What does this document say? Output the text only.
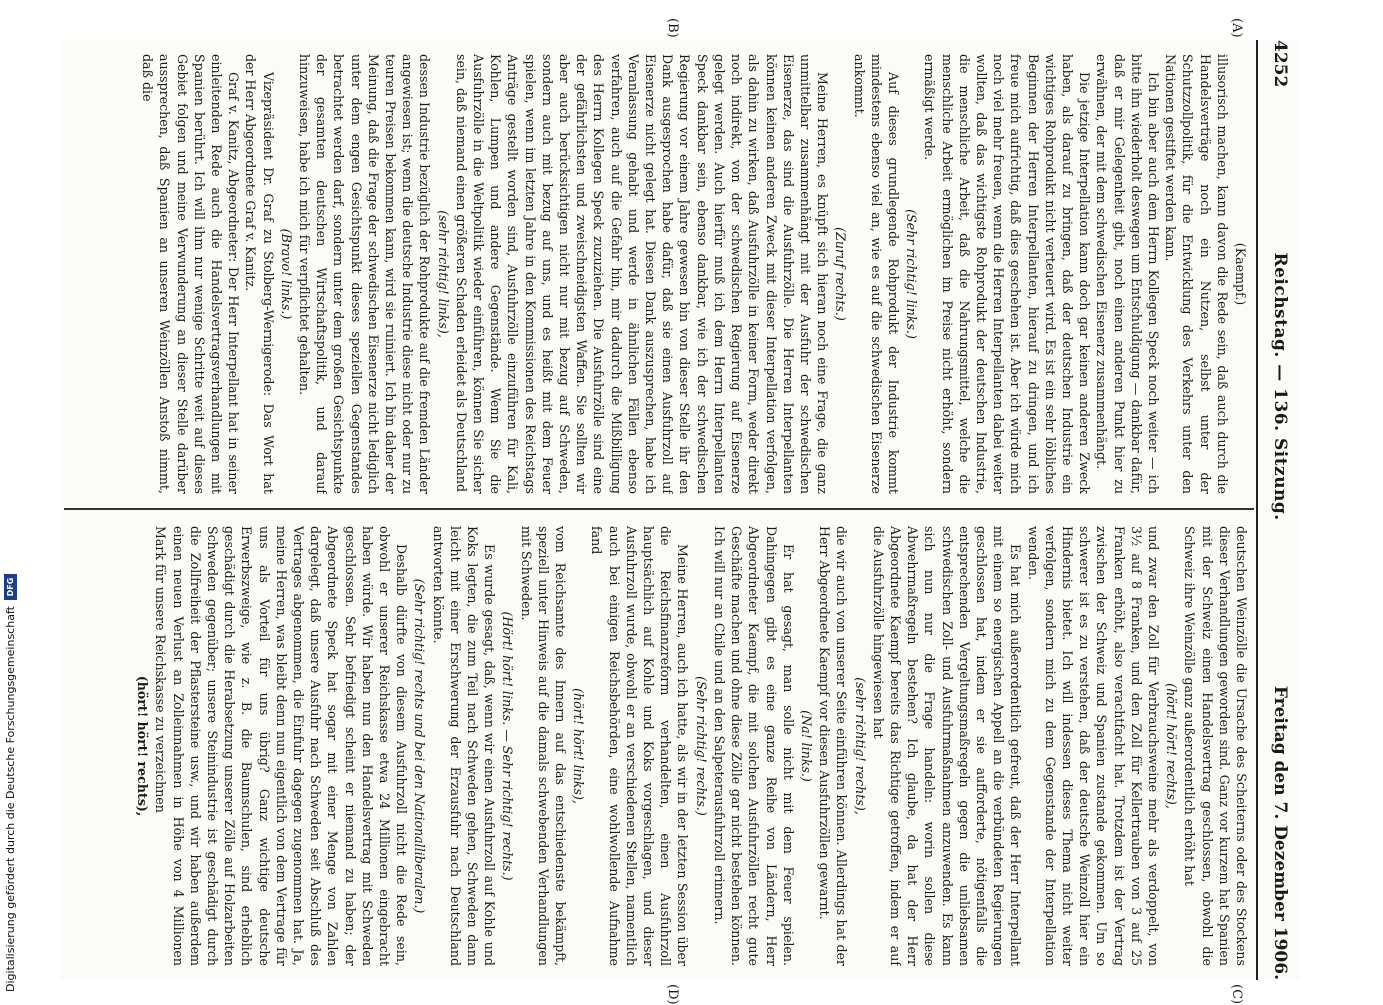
4252
Reichstag. — 136. Sitzung.
Freitag den 7. Dezember 1906.
(A)
(B)
(C)
(D)
(Kaempf.)

illusorisch machen, kann davon die Rede sein, daß auch durch die Handelsverträge noch ein Nutzen, selbst unter der Schutzzollpolitik, für die Entwicklung des Verkehrs unter den Nationen gestiftet werden kann.

Ich bin aber auch dem Herrn Kollegen Speck noch weiter — ich bitte ihn wiederholt deswegen um Entschuldigung — dankbar dafür, daß er mir Gelegenheit gibt, noch einen anderen Punkt hier zu erwähnen, der mit dem schwedischen Eisenerz zusammenhängt.

Die jetzige Interpellation kann doch gar keinen anderen Zweck haben, als darauf zu bringen, daß der deutschen Industrie ein wichtiges Rohprodukt nicht verteuert wird. Es ist ein sehr löbliches Beginnen der Herren Interpellanten, hierauf zu dringen, und ich freue mich aufrichtig, daß dies geschehen ist. Aber ich würde mich noch viel mehr freuen, wenn die Herren Interpellanten dabei weiter wollten, daß das wichtigste Rohprodukt der deutschen Industrie, die menschliche Arbeit, daß die Nahrungsmittel, welche die menschliche Arbeit ermöglichen im Preise nicht erhöht, sondern ermäßigt werde.

(Sehr richtig! links.)

Auf dieses grundlegende Rohprodukt der Industrie kommt mindestens ebenso viel an, wie es auf die schwedischen Eisenerze ankommt.

(Zuruf rechts.)

Meine Herren, es knüpft sich hieran noch eine Frage, die ganz unmittelbar zusammenhängt mit der Ausfuhr der schwedischen Eisenerze, das sind die Ausfuhrzölle. Die Herren Interpellanten können keinen anderen Zweck mit dieser Interpellation verfolgen, als dahin zu wirken, daß Ausfuhrzölle in keiner Form, weder direkt noch indirekt, von der schwedischen Regierung auf Eisenerze gelegt werden. Auch hierfür muß ich dem Herrn Interpellanten Speck dankbar sein, ebenso dankbar, wie ich der schwedischen Regierung vor einem Jahre gewesen bin von dieser Stelle ihr den Dank ausgesprochen habe dafür, daß sie einen Ausfuhrzoll auf Eisenerze nicht gelegt hat. Diesen Dank auszusprechen, habe ich Veranlassung gehabt und werde in ähnlichen Fällen ebenso verfahren, auch auf die Gefahr hin, mir dadurch die Mißbilligung des Herrn Kollegen Speck zuzuziehen. Die Ausfuhrzölle sind eine der gefährlichsten und zweischneidigsten Waffen. Sie sollten wir aber auch berücksichtigen nicht nur mit bezug auf Schweden, sondern auch mit bezug auf uns, und es heißt mit dem Feuer spielen, wenn im letzten Jahre in den Kommissionen des Reichstags Anträge gestellt worden sind, Ausfuhrzölle einzuführen für Kali, Kohlen, Lumpen und andere Gegenstände. Wenn Sie die Ausfuhrzölle in die Weltpolitik wieder einführen, können Sie sicher sein, daß niemand einen größeren Schaden erleidet als Deutschland

(sehr richtig! links),

dessen Industrie bezüglich der Rohprodukte auf die fremden Länder angewiesen ist; wenn die deutsche Industrie diese nicht oder nur zu teuren Preisen bekommen kann, wird sie ruiniert. Ich bin daher der Meinung, daß die Frage der schwedischen Eisenerze nicht lediglich unter dem engen Gesichtspunkt dieses speziellen Gegenstandes betrachtet werden darf, sondern unter dem großen Gesichtspunkte der gesamten deutschen Wirtschaftspolitik, und darauf hinzuweisen, habe ich mich für verpflichtet gehalten.

(Bravo! links.)

Vizepräsident Dr. Graf zu Stolberg-Wernigerode: Das Wort hat der Herr Abgeordnete Graf v. Kanitz.

Graf v. Kanitz, Abgeordneter: Der Herr Interpellant hat in seiner einleitenden Rede auch die Handelsvertragsverhandlungen mit Spanien berührt. Ich will ihm nur wenige Schritte weit auf dieses Gebiet folgen und meine Verwunderung an dieser Stelle darüber aussprechen, daß Spanien an unseren Weinzöllen Anstoß nimmt, daß die

deutschen Weinzölle die Ursache des Scheiterns oder des Stockens dieser Verhandlungen geworden sind. Ganz vor kurzem hat Spanien mit der Schweiz einen Handelsvertrag geschlossen, obwohl die Schweiz ihre Weinzölle ganz außerordentlich erhöht hat

(hört! hört! rechts),

und zwar den Zoll für Verbrauchsweine mehr als verdoppelt, von 3½ auf 8 Franken, und den Zoll für Kellertrauben von 3 auf 25 Franken erhöht, also verachtfacht hat. Trotzdem ist der Vertrag zwischen der Schweiz und Spanien zustande gekommen. Um so schwerer ist es zu verstehen, daß der deutsche Weinzoll hier ein Hindernis bietet. Ich will indessen dieses Thema nicht weiter verfolgen, sondern mich zu dem Gegenstande der Interpellation wenden.

Es hat mich außerordentlich gefreut, daß der Herr Interpellant mit einem so energischen Appell an die verbündeten Regierungen geschlossen hat, indem er sie aufforderte, nötigenfalls die entsprechenden Vergeltungsmaßregeln gegen die unliebsamen schwedischen Zoll- und Ausfuhrmaßnahmen anzuwenden. Es kann sich nun nur die Frage handeln: worin sollen diese Abwehrmaßregeln bestehen? Ich glaube, da hat der Herr Abgeordnete Kaempf bereits das Richtige getroffen, indem er auf die Ausfuhrzölle hingewiesen hat

(sehr richtig! rechts),

die wir auch von unserer Seite einführen können. Allerdings hat der Herr Abgeordnete Kaempf vor diesen Ausfuhrzöllen gewarnt.

(Na! links.)

Er hat gesagt, man solle nicht mit dem Feuer spielen. Dahingegen gibt es eine ganze Reihe von Ländern, Herr Abgeordneter Kaempf, die mit solchen Ausfuhrzöllen recht gute Geschäfte machen und ohne diese Zölle gar nicht bestehen können. Ich will nur an Chile und an den Salpeterausfuhrzoll erinnern.

(Sehr richtig! rechts.)

Meine Herren, auch ich hatte, als wir in der letzten Session über die Reichsfinanzreform verhandelten, einen Ausfuhrzoll hauptsächlich auf Kohle und Koks vorgeschlagen, und dieser Ausfuhrzoll wurde, obwohl er an verschiedenen Stellen, namentlich auch bei einigen Reichsbehörden, eine wohlwollende Aufnahme fand

(hört! hört! links),

vom Reichsamte des Innern auf das entschiedenste bekämpft, speziell unter Hinweis auf die damals schwebenden Verhandlungen mit Schweden.

(Hört! hört! links. — Sehr richtig! rechts.)

Es wurde gesagt, daß, wenn wir einen Ausfuhrzoll auf Kohle und Koks legten, die zum Teil nach Schweden gehen, Schweden dann leicht mit einer Erschwerung der Erzausfuhr nach Deutschland antworten könnte.

(Sehr richtig! rechts und bei den Nationalliberalen.)

Deshalb dürfte von diesem Ausfuhrzoll nicht die Rede sein, obwohl er unserer Reichskasse etwa 24 Millionen eingebracht haben würde. Wir haben nun den Handelsvertrag mit Schweden geschlossen. Sehr befriedigt scheint er niemand zu haben; der Abgeordnete Speck hat sogar mit einer Menge von Zahlen dargelegt, daß unsere Ausfuhr nach Schweden seit Abschluß des Vertrages abgenommen, die Einfuhr dagegen zugenommen hat. Ja, meine Herren, was bleibt denn nun eigentlich von dem Vertrage für uns als Vorteil für uns übrig? Ganz wichtige deutsche Erwerbszweige, wie z. B. die Baumschulen, sind erheblich geschädigt durch die Herabsetzung unserer Zölle auf Holzarbeiten Schweden gegenüber; unsere Steinindustrie ist geschädigt durch die Zollfreiheit der Pflastersteine usw., und wir haben außerdem einen neuen Verlust an Zolleinnahmen in Höhe von 4 Millionen Mark für unsere Reichskasse zu verzeichnen

(hört! hört! rechts),
Digitalisierung gefördert durch die Deutsche Forschungsgemeinschaft
DFG
